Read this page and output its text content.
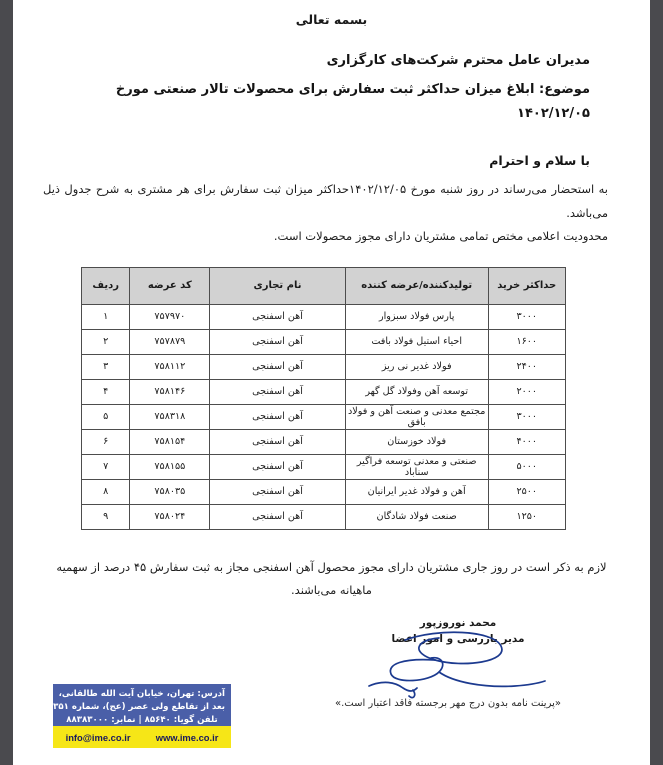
بسمه تعالی
مدیران عامل محترم شرکت‌های کارگزاری
موضوع: ابلاغ میزان حداکثر ثبت سفارش برای محصولات تالار صنعتی مورخ ۱۴۰۲/۱۲/۰۵
با سلام و احترام
به استحضار می‌رساند در روز شنبه مورخ ۱۴۰۲/۱۲/۰۵حداکثر میزان ثبت سفارش برای هر مشتری به شرح جدول ذیل می‌باشد.
محدودیت اعلامی مختص تمامی مشتریان دارای مجوز محصولات است.
حداکثر خرید	تولیدکننده/عرضه کننده	نام تجاری	کد عرضه	ردیف
۳۰۰۰	پارس فولاد سبزوار	آهن اسفنجی	۷۵۷۹۷۰	۱
۱۶۰۰	احیاء استیل فولاد بافت	آهن اسفنجی	۷۵۷۸۷۹	۲
۲۴۰۰	فولاد غدیر نی ریز	آهن اسفنجی	۷۵۸۱۱۲	۳
۲۰۰۰	توسعه آهن وفولاد گل گهر	آهن اسفنجی	۷۵۸۱۴۶	۴
۳۰۰۰	مجتمع معدنی و صنعت آهن و فولاد بافق	آهن اسفنجی	۷۵۸۳۱۸	۵
۴۰۰۰	فولاد خوزستان	آهن اسفنجی	۷۵۸۱۵۴	۶
۵۰۰۰	صنعتی و معدنی توسعه فراگیر سناباد	آهن اسفنجی	۷۵۸۱۵۵	۷
۲۵۰۰	آهن و فولاد غدیر ایرانیان	آهن اسفنجی	۷۵۸۰۳۵	۸
۱۲۵۰	صنعت فولاد شادگان	آهن اسفنجی	۷۵۸۰۲۴	۹
لازم به ذکر است در روز جاری مشتریان دارای مجوز محصول آهن اسفنجی مجاز به ثبت سفارش ۴۵ درصد از سهمیه ماهیانه می‌باشند.
محمد نوروزپور
مدیر بازرسی و امور اعضا
آدرس: تهران، خیابان آیت الله طالقانی،
بعد از تقاطع ولی عصر (عج)، شماره ۳۵۱
تلفن گویا: ۸۵۶۴۰ | نمابر: ۸۸۳۸۳۰۰۰
info@ime.co.ir	www.ime.co.ir
«پرینت نامه بدون درج مهر برجسته فاقد اعتبار است.»
